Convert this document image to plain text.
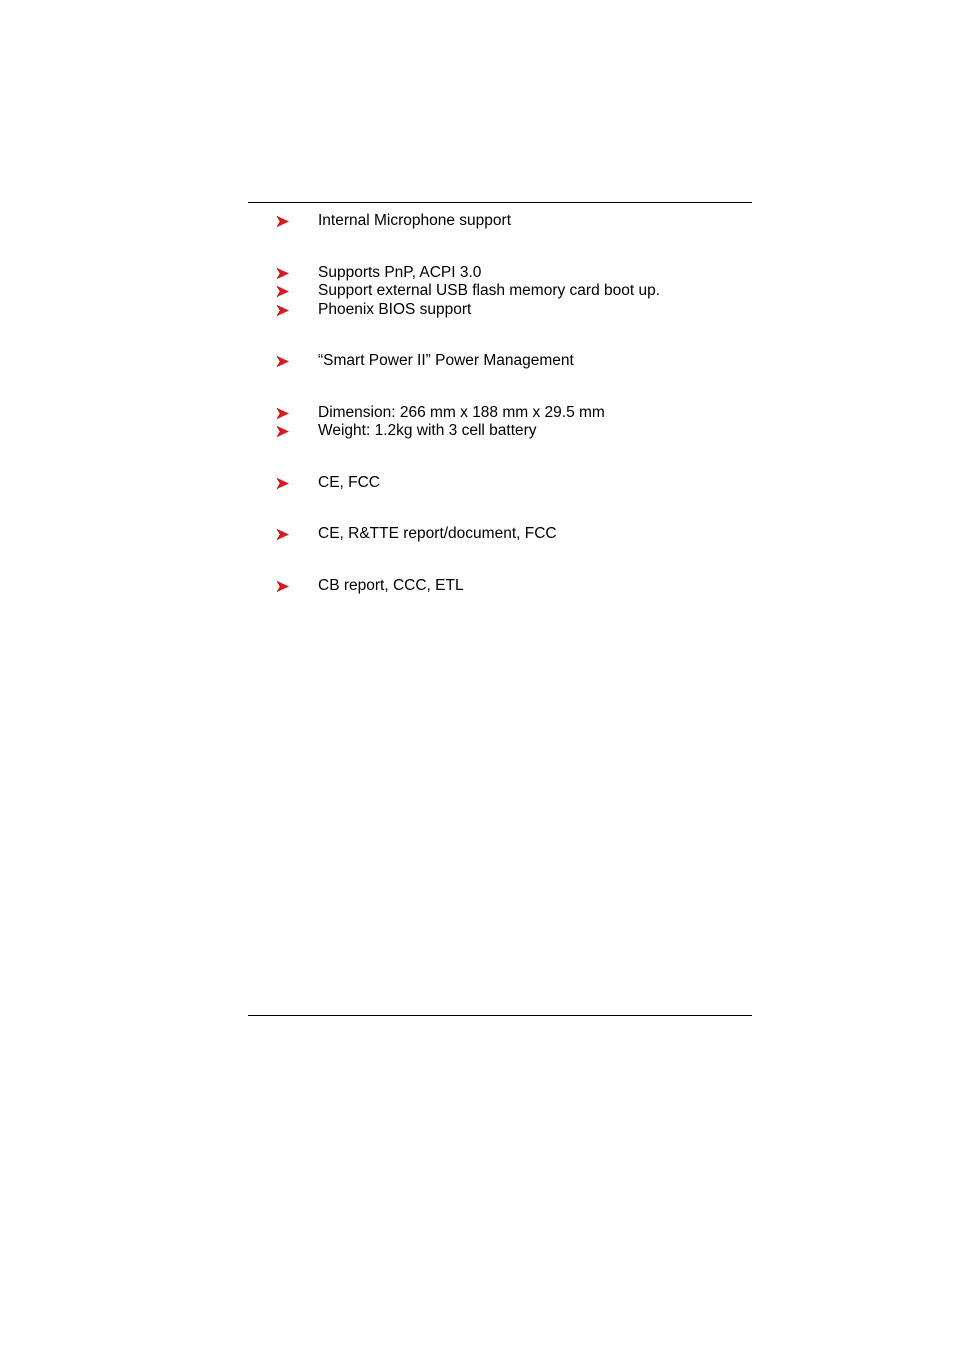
Internal Microphone support
Supports PnP, ACPI 3.0
Support external USB flash memory card boot up.
Phoenix BIOS support
“Smart Power II” Power Management
Dimension: 266 mm x 188 mm x 29.5 mm
Weight: 1.2kg with 3 cell battery
CE, FCC
CE, R&TTE report/document, FCC
CB report, CCC, ETL
